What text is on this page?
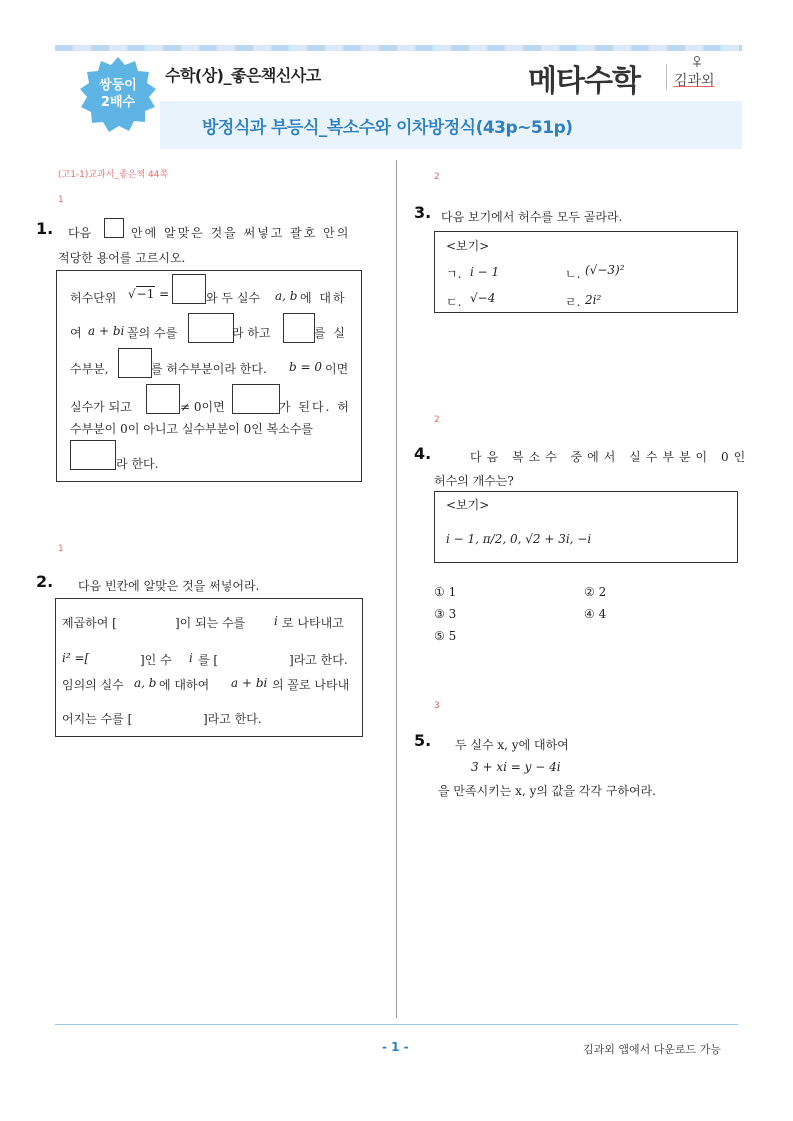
쌍둥이
2배수
수학(상)_좋은책신사고	메타수학 김과외
방정식과 부등식_복소수와 이차방정식(43p~51p)
(고1-1)교과서_좋은책 44쪽
1
1. 다음	안에 알맞은 것을 써넣고 괄호 안의
적당한 용어를 고르시오.
허수단위 √−1 =	와 두 실수 a, b 에 대하
여 a + bi 꼴의 수를	라 하고	를 실
수부분,	를 허수부분이라 한다. b = 0 이면
실수가 되고	≠ 0이면	가 된다. 허
수부분이 0이 아니고 실수부분이 0인 복소수를
라 한다.
1
2. 다음 빈칸에 알맞은 것을 써넣어라.
제곱하여 [	]이 되는 수를 i 로 나타내고
i² =[	]인 수 i 를 [	]라고 한다.
임의의 실수 a, b 에 대하여 a + bi 의 꼴로 나타내
어지는 수를 [	]라고 한다.
2
3. 다음 보기에서 허수를 모두 골라라.
<보기>
ㄱ. i − 1	ㄴ. (√−3)²
ㄷ. √−4	ㄹ. 2i²
2
4.	다음 복소수 중에서 실수부분이 0인
허수의 개수는?
<보기>
i − 1, π/2, 0, √2 + 3i, −i
① 1	② 2
③ 3	④ 4
⑤ 5
3
5. 두 실수 x, y에 대하여
3 + xi = y − 4i
을 만족시키는 x, y의 값을 각각 구하여라.
- 1 -	김과외 앱에서 다운로드 가능
